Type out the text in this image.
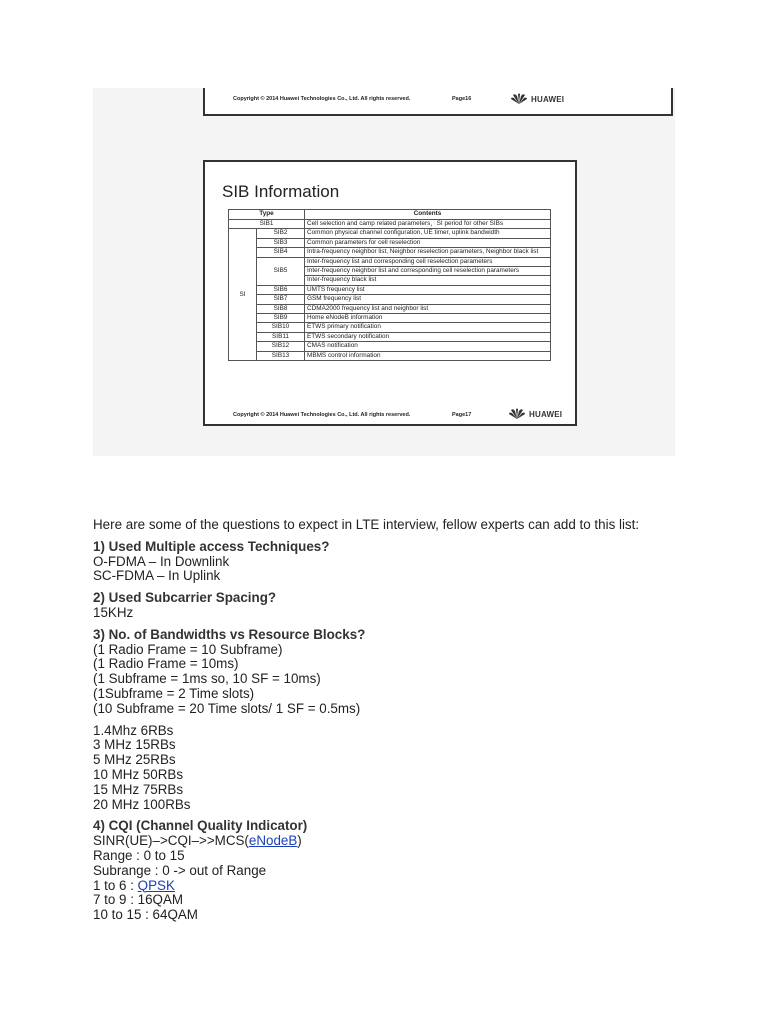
Copyright © 2014 Huawei Technologies Co., Ltd. All rights reserved.	Page16	HUAWEI
SIB Information
Type		Contents
SIB1		Cell selection and camp related parameters，SI period for other SIBs
SI	SIB2	Common physical channel configuration, UE timer, uplink bandwidth
	SIB3	Common parameters for cell reselection
	SIB4	Intra-frequency neighbor list, Neighbor reselection parameters, Neighbor black list
	SIB5	Inter-frequency list and corresponding cell reselection parameters
		Inter-frequency neighbor list and corresponding cell reselection parameters
		Inter-frequency black list
	SIB6	UMTS frequency list
	SIB7	GSM frequency list
	SIB8	CDMA2000 frequency list and neighbor list
	SIB9	Home eNodeB information
	SIB10	ETWS primary notification
	SIB11	ETWS secondary notification
	SIB12	CMAS notification
	SIB13	MBMS control information
Copyright © 2014 Huawei Technologies Co., Ltd. All rights reserved.	Page17	HUAWEI

Here are some of the questions to expect in LTE interview, fellow experts can add to this list:

1) Used Multiple access Techniques?
O-FDMA – In Downlink
SC-FDMA – In Uplink

2) Used Subcarrier Spacing?
15KHz

3) No. of Bandwidths vs Resource Blocks?
(1 Radio Frame = 10 Subframe)
(1 Radio Frame = 10ms)
(1 Subframe = 1ms so, 10 SF = 10ms)
(1Subframe = 2 Time slots)
(10 Subframe = 20 Time slots/ 1 SF = 0.5ms)

1.4Mhz 6RBs
3 MHz 15RBs
5 MHz 25RBs
10 MHz 50RBs
15 MHz 75RBs
20 MHz 100RBs

4) CQI (Channel Quality Indicator)
SINR(UE)–>CQI–>>MCS(eNodeB)
Range : 0 to 15
Subrange : 0 -> out of Range
1 to 6 : QPSK
7 to 9 : 16QAM
10 to 15 : 64QAM
